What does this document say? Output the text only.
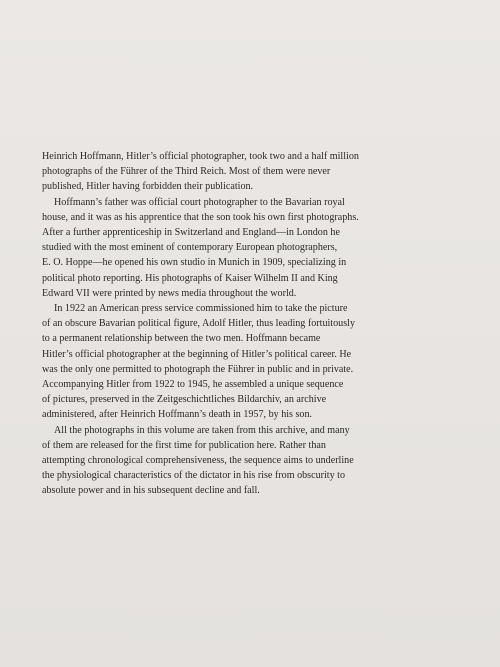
Heinrich Hoffmann, Hitler’s official photographer, took two and a half million
photographs of the Führer of the Third Reich. Most of them were never
published, Hitler having forbidden their publication.

Hoffmann’s father was official court photographer to the Bavarian royal
house, and it was as his apprentice that the son took his own first photographs.
After a further apprenticeship in Switzerland and England—in London he
studied with the most eminent of contemporary European photographers,
E. O. Hoppe—he opened his own studio in Munich in 1909, specializing in
political photo reporting. His photographs of Kaiser Wilhelm II and King
Edward VII were printed by news media throughout the world.

In 1922 an American press service commissioned him to take the picture
of an obscure Bavarian political figure, Adolf Hitler, thus leading fortuitously
to a permanent relationship between the two men. Hoffmann became
Hitler’s official photographer at the beginning of Hitler’s political career. He
was the only one permitted to photograph the Führer in public and in private.
Accompanying Hitler from 1922 to 1945, he assembled a unique sequence
of pictures, preserved in the Zeitgeschichtliches Bildarchiv, an archive
administered, after Heinrich Hoffmann’s death in 1957, by his son.

All the photographs in this volume are taken from this archive, and many
of them are released for the first time for publication here. Rather than
attempting chronological comprehensiveness, the sequence aims to underline
the physiological characteristics of the dictator in his rise from obscurity to
absolute power and in his subsequent decline and fall.
